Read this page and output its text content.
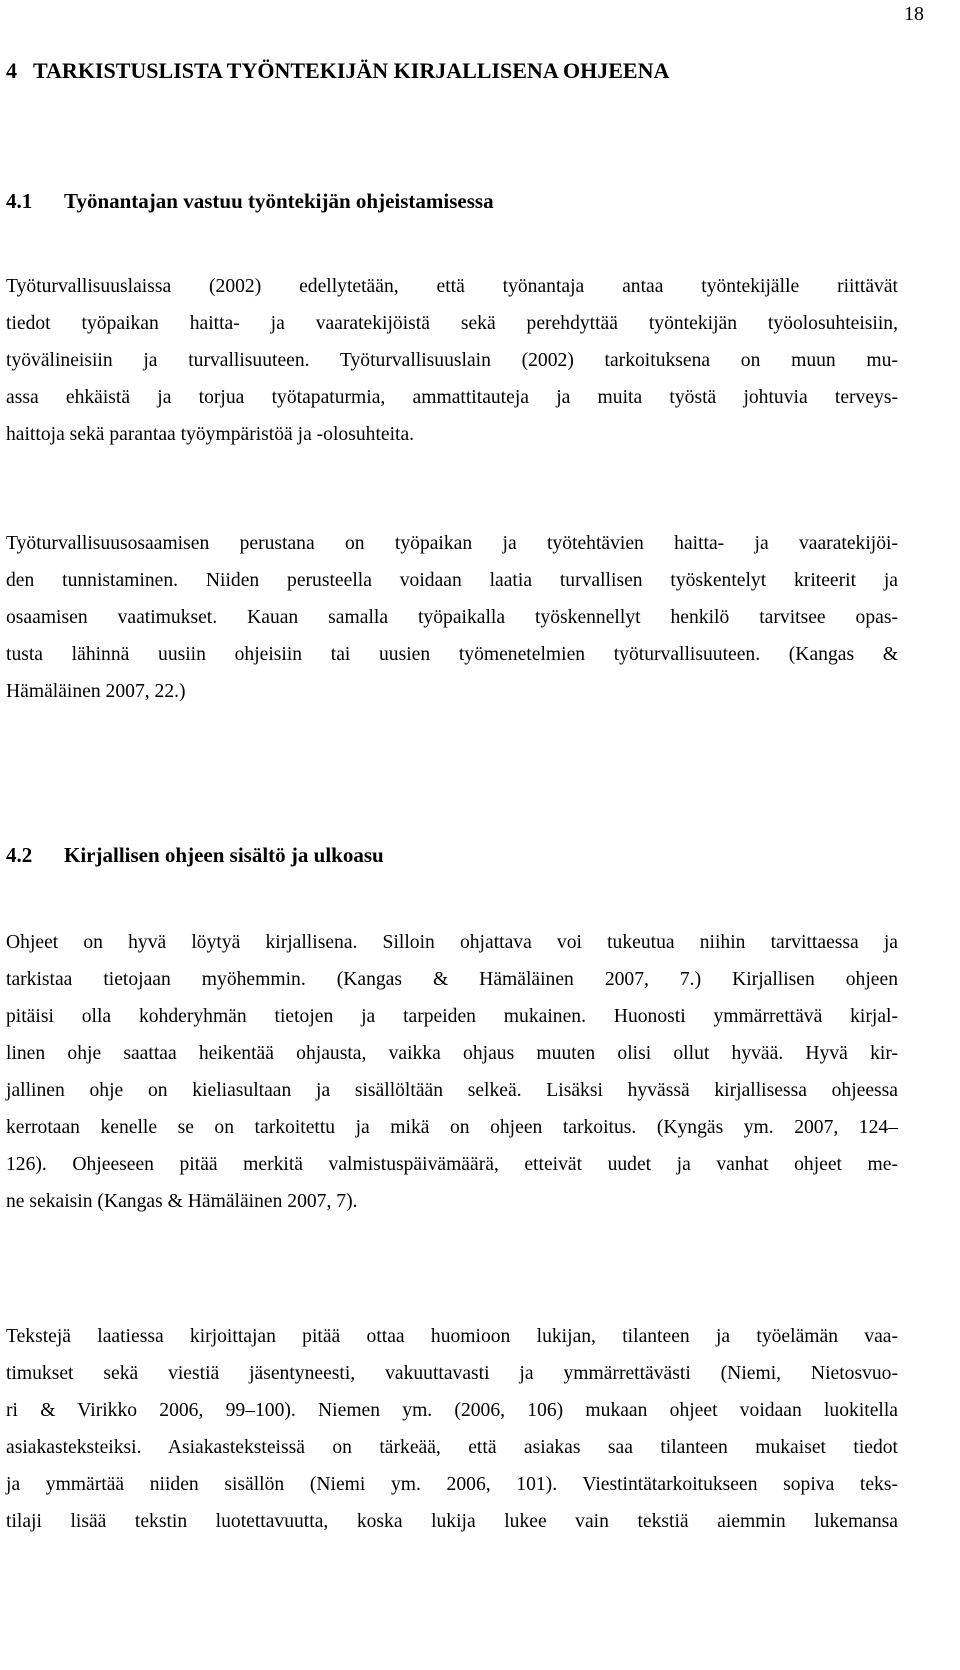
18
4 TARKISTUSLISTA TYÖNTEKIJÄN KIRJALLISENA OHJEENA
4.1 Työnantajan vastuu työntekijän ohjeistamisessa
Työturvallisuuslaissa (2002) edellytetään, että työnantaja antaa työntekijälle riittävät
tiedot työpaikan haitta- ja vaaratekijöistä sekä perehdyttää työntekijän työolosuhteisiin,
työvälineisiin ja turvallisuuteen. Työturvallisuuslain (2002) tarkoituksena on muun mu-
assa ehkäistä ja torjua työtapaturmia, ammattitauteja ja muita työstä johtuvia terveys-
haittoja sekä parantaa työympäristöä ja -olosuhteita.
Työturvallisuusosaamisen perustana on työpaikan ja työtehtävien haitta- ja vaaratekijöi-
den tunnistaminen. Niiden perusteella voidaan laatia turvallisen työskentelyt kriteerit ja
osaamisen vaatimukset. Kauan samalla työpaikalla työskennellyt henkilö tarvitsee opas-
tusta lähinnä uusiin ohjeisiin tai uusien työmenetelmien työturvallisuuteen. (Kangas &
Hämäläinen 2007, 22.)
4.2 Kirjallisen ohjeen sisältö ja ulkoasu
Ohjeet on hyvä löytyä kirjallisena. Silloin ohjattava voi tukeutua niihin tarvittaessa ja
tarkistaa tietojaan myöhemmin. (Kangas & Hämäläinen 2007, 7.) Kirjallisen ohjeen
pitäisi olla kohderyhmän tietojen ja tarpeiden mukainen. Huonosti ymmärrettävä kirjal-
linen ohje saattaa heikentää ohjausta, vaikka ohjaus muuten olisi ollut hyvää. Hyvä kir-
jallinen ohje on kieliasultaan ja sisällöltään selkeä. Lisäksi hyvässä kirjallisessa ohjeessa
kerrotaan kenelle se on tarkoitettu ja mikä on ohjeen tarkoitus. (Kyngäs ym. 2007, 124–
126). Ohjeeseen pitää merkitä valmistuspäivämäärä, etteivät uudet ja vanhat ohjeet me-
ne sekaisin (Kangas & Hämäläinen 2007, 7).
Tekstejä laatiessa kirjoittajan pitää ottaa huomioon lukijan, tilanteen ja työelämän vaa-
timukset sekä viestiä jäsentyneesti, vakuuttavasti ja ymmärrettävästi (Niemi, Nietosvuo-
ri & Virikko 2006, 99–100). Niemen ym. (2006, 106) mukaan ohjeet voidaan luokitella
asiakasteksteiksi. Asiakasteksteissä on tärkeää, että asiakas saa tilanteen mukaiset tiedot
ja ymmärtää niiden sisällön (Niemi ym. 2006, 101). Viestintätarkoitukseen sopiva teks-
tilaji lisää tekstin luotettavuutta, koska lukija lukee vain tekstiä aiemmin lukemansa
